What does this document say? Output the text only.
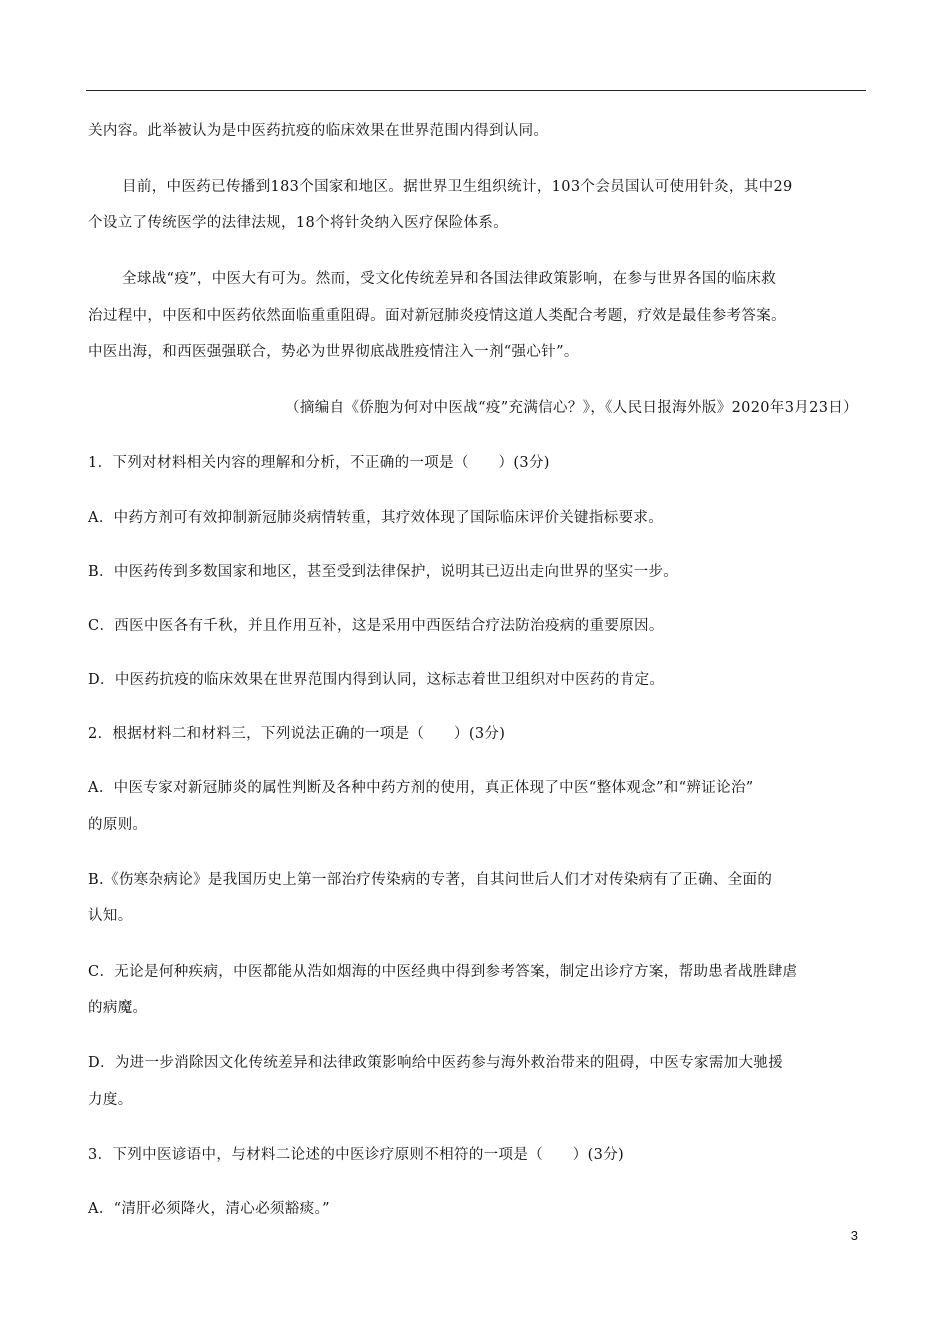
关内容。此举被认为是中医药抗疫的临床效果在世界范围内得到认同。
目前，中医药已传播到183个国家和地区。据世界卫生组织统计，103个会员国认可使用针灸，其中29
个设立了传统医学的法律法规，18个将针灸纳入医疗保险体系。
全球战“疫”，中医大有可为。然而，受文化传统差异和各国法律政策影响，在参与世界各国的临床救
治过程中，中医和中医药依然面临重重阻碍。面对新冠肺炎疫情这道人类配合考题，疗效是最佳参考答案。
中医出海，和西医强强联合，势必为世界彻底战胜疫情注入一剂“强心针”。
（摘编自《侨胞为何对中医战“疫”充满信心？》，《人民日报海外版》2020年3月23日）
1．下列对材料相关内容的理解和分析，不正确的一项是（　　）(3分)
A．中药方剂可有效抑制新冠肺炎病情转重，其疗效体现了国际临床评价关键指标要求。
B．中医药传到多数国家和地区，甚至受到法律保护，说明其已迈出走向世界的坚实一步。
C．西医中医各有千秋，并且作用互补，这是采用中西医结合疗法防治疫病的重要原因。
D．中医药抗疫的临床效果在世界范围内得到认同，这标志着世卫组织对中医药的肯定。
2．根据材料二和材料三，下列说法正确的一项是（　　）(3分)
A．中医专家对新冠肺炎的属性判断及各种中药方剂的使用，真正体现了中医“整体观念”和“辨证论治”
的原则。
B.《伤寒杂病论》是我国历史上第一部治疗传染病的专著，自其问世后人们才对传染病有了正确、全面的
认知。
C．无论是何种疾病，中医都能从浩如烟海的中医经典中得到参考答案，制定出诊疗方案，帮助患者战胜肆虐
的病魔。
D．为进一步消除因文化传统差异和法律政策影响给中医药参与海外救治带来的阻碍，中医专家需加大驰援
力度。
3．下列中医谚语中，与材料二论述的中医诊疗原则不相符的一项是（　　）(3分)
A．“清肝必须降火，清心必须豁痰。”
3
